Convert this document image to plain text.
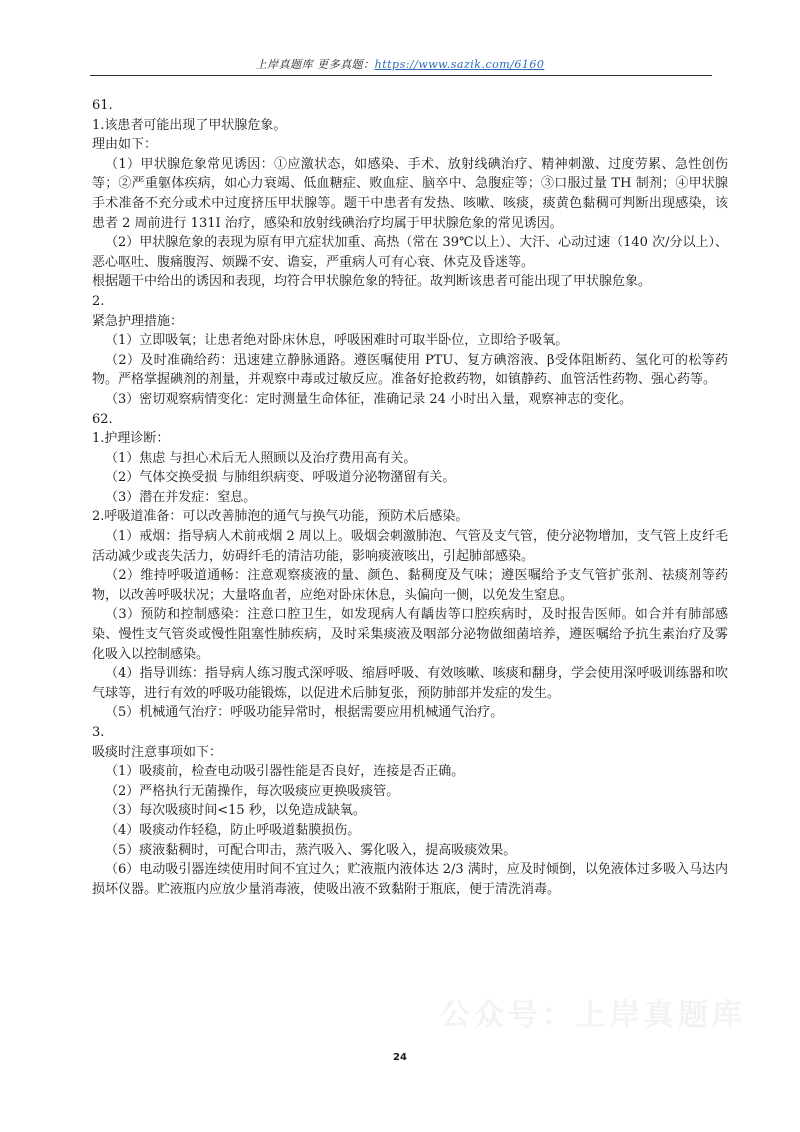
上岸真题库 更多真题：https://www.sazik.com/6160

61.

1.该患者可能出现了甲状腺危象。

理由如下：

（1）甲状腺危象常见诱因：①应激状态，如感染、手术、放射线碘治疗、精神刺激、过度劳累、急性创伤等；②严重躯体疾病，如心力衰竭、低血糖症、败血症、脑卒中、急腹症等；③口服过量 TH 制剂；④甲状腺手术准备不充分或术中过度挤压甲状腺等。题干中患者有发热、咳嗽、咳痰，痰黄色黏稠可判断出现感染，该患者 2 周前进行 131I 治疗，感染和放射线碘治疗均属于甲状腺危象的常见诱因。

（2）甲状腺危象的表现为原有甲亢症状加重、高热（常在 39℃以上）、大汗、心动过速（140 次/分以上）、恶心呕吐、腹痛腹泻、烦躁不安、谵妄，严重病人可有心衰、休克及昏迷等。

根据题干中给出的诱因和表现，均符合甲状腺危象的特征。故判断该患者可能出现了甲状腺危象。

2.

紧急护理措施：

（1）立即吸氧；让患者绝对卧床休息，呼吸困难时可取半卧位，立即给予吸氧。

（2）及时准确给药：迅速建立静脉通路。遵医嘱使用 PTU、复方碘溶液、β受体阻断药、氢化可的松等药物。严格掌握碘剂的剂量，并观察中毒或过敏反应。准备好抢救药物，如镇静药、血管活性药物、强心药等。

（3）密切观察病情变化：定时测量生命体征，准确记录 24 小时出入量，观察神志的变化。

62.

1.护理诊断：

（1）焦虑 与担心术后无人照顾以及治疗费用高有关。

（2）气体交换受损 与肺组织病变、呼吸道分泌物潴留有关。

（3）潜在并发症：窒息。

2.呼吸道准备：可以改善肺泡的通气与换气功能，预防术后感染。

（1）戒烟：指导病人术前戒烟 2 周以上。吸烟会刺激肺泡、气管及支气管，使分泌物增加，支气管上皮纤毛活动减少或丧失活力，妨碍纤毛的清洁功能，影响痰液咳出，引起肺部感染。

（2）维持呼吸道通畅：注意观察痰液的量、颜色、黏稠度及气味；遵医嘱给予支气管扩张剂、祛痰剂等药物，以改善呼吸状况；大量咯血者，应绝对卧床休息，头偏向一侧，以免发生窒息。

（3）预防和控制感染：注意口腔卫生，如发现病人有龋齿等口腔疾病时，及时报告医师。如合并有肺部感染、慢性支气管炎或慢性阻塞性肺疾病，及时采集痰液及咽部分泌物做细菌培养，遵医嘱给予抗生素治疗及雾化吸入以控制感染。

（4）指导训练：指导病人练习腹式深呼吸、缩唇呼吸、有效咳嗽、咳痰和翻身，学会使用深呼吸训练器和吹气球等，进行有效的呼吸功能锻炼，以促进术后肺复张，预防肺部并发症的发生。

（5）机械通气治疗：呼吸功能异常时，根据需要应用机械通气治疗。

3.

吸痰时注意事项如下：

（1）吸痰前，检查电动吸引器性能是否良好，连接是否正确。

（2）严格执行无菌操作，每次吸痰应更换吸痰管。

（3）每次吸痰时间<15 秒，以免造成缺氧。

（4）吸痰动作轻稳，防止呼吸道黏膜损伤。

（5）痰液黏稠时，可配合叩击，蒸汽吸入、雾化吸入，提高吸痰效果。

（6）电动吸引器连续使用时间不宜过久；贮液瓶内液体达 2/3 满时，应及时倾倒，以免液体过多吸入马达内损坏仪器。贮液瓶内应放少量消毒液，使吸出液不致黏附于瓶底，便于清洗消毒。

公众号：上岸真题库
24
